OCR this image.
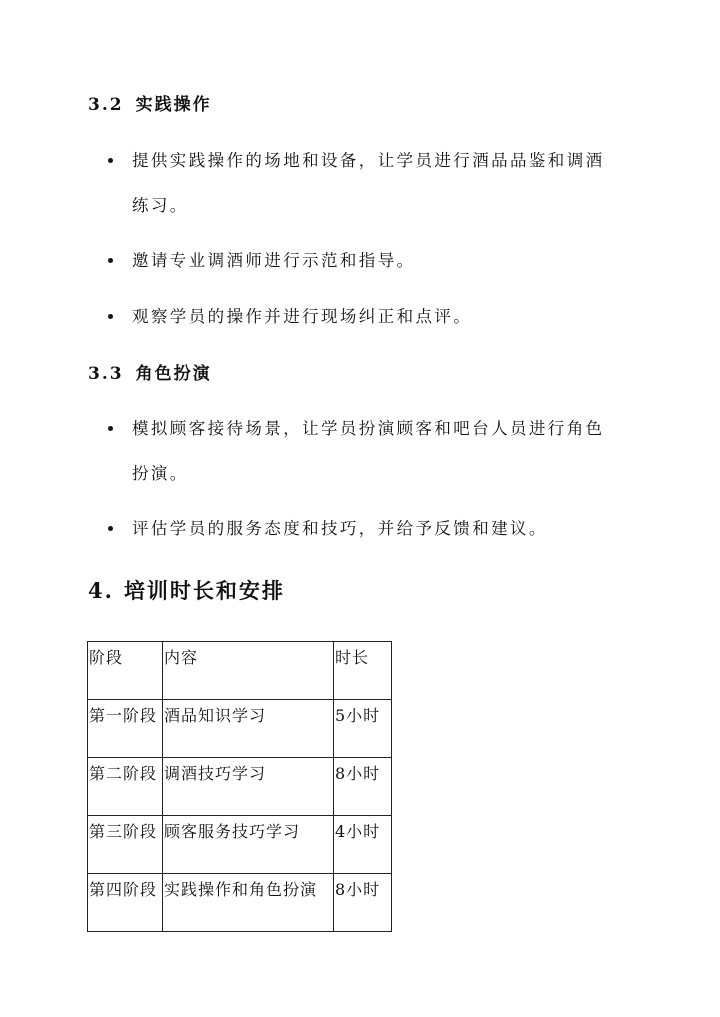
3.2 实践操作
提供实践操作的场地和设备，让学员进行酒品品鉴和调酒练习。
邀请专业调酒师进行示范和指导。
观察学员的操作并进行现场纠正和点评。
3.3 角色扮演
模拟顾客接待场景，让学员扮演顾客和吧台人员进行角色扮演。
评估学员的服务态度和技巧，并给予反馈和建议。
4. 培训时长和安排
阶段	内容	时长
第一阶段	酒品知识学习	5小时
第二阶段	调酒技巧学习	8小时
第三阶段	顾客服务技巧学习	4小时
第四阶段	实践操作和角色扮演	8小时
